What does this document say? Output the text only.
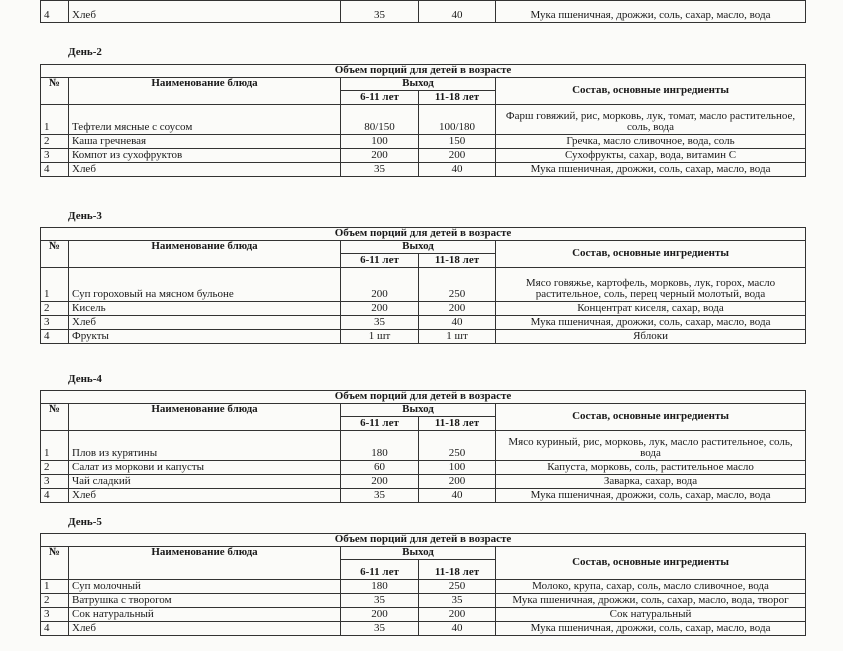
4	Хлеб	35	40	Мука пшеничная, дрожжи, соль, сахар, масло, вода
День-2
Объем порций для детей в возрасте				
№	Наименование блюда	Выход		Состав, основные ингредиенты
		6-11 лет	11-18 лет	
1	Тефтели мясные с соусом	80/150	100/180	Фарш говяжий, рис, морковь, лук, томат, масло растительное, соль, вода
2	Каша гречневая	100	150	Гречка, масло сливочное, вода, соль
3	Компот из сухофруктов	200	200	Сухофрукты, сахар, вода, витамин С
4	Хлеб	35	40	Мука пшеничная, дрожжи, соль, сахар, масло, вода
День-3
Объем порций для детей в возрасте				
№	Наименование блюда	Выход		Состав, основные ингредиенты
		6-11 лет	11-18 лет	
1	Суп гороховый на мясном бульоне	200	250	Мясо говяжье, картофель, морковь, лук, горох, масло растительное, соль, перец черный молотый, вода
2	Кисель	200	200	Концентрат киселя, сахар, вода
3	Хлеб	35	40	Мука пшеничная, дрожжи, соль, сахар, масло, вода
4	Фрукты	1 шт	1 шт	Яблоки
День-4
Объем порций для детей в возрасте				
№	Наименование блюда	Выход		Состав, основные ингредиенты
		6-11 лет	11-18 лет	
1	Плов из курятины	180	250	Мясо куриный, рис, морковь, лук, масло растительное, соль, вода
2	Салат из моркови и капусты	60	100	Капуста, морковь, соль, растительное масло
3	Чай сладкий	200	200	Заварка, сахар, вода
4	Хлеб	35	40	Мука пшеничная, дрожжи, соль, сахар, масло, вода
День-5
Объем порций для детей в возрасте				
№	Наименование блюда	Выход		Состав, основные ингредиенты
		6-11 лет	11-18 лет	
1	Суп молочный	180	250	Молоко, крупа, сахар, соль, масло сливочное, вода
2	Ватрушка с творогом	35	35	Мука пшеничная, дрожжи, соль, сахар, масло, вода, творог
3	Сок натуральный	200	200	Сок натуральный
4	Хлеб	35	40	Мука пшеничная, дрожжи, соль, сахар, масло, вода
